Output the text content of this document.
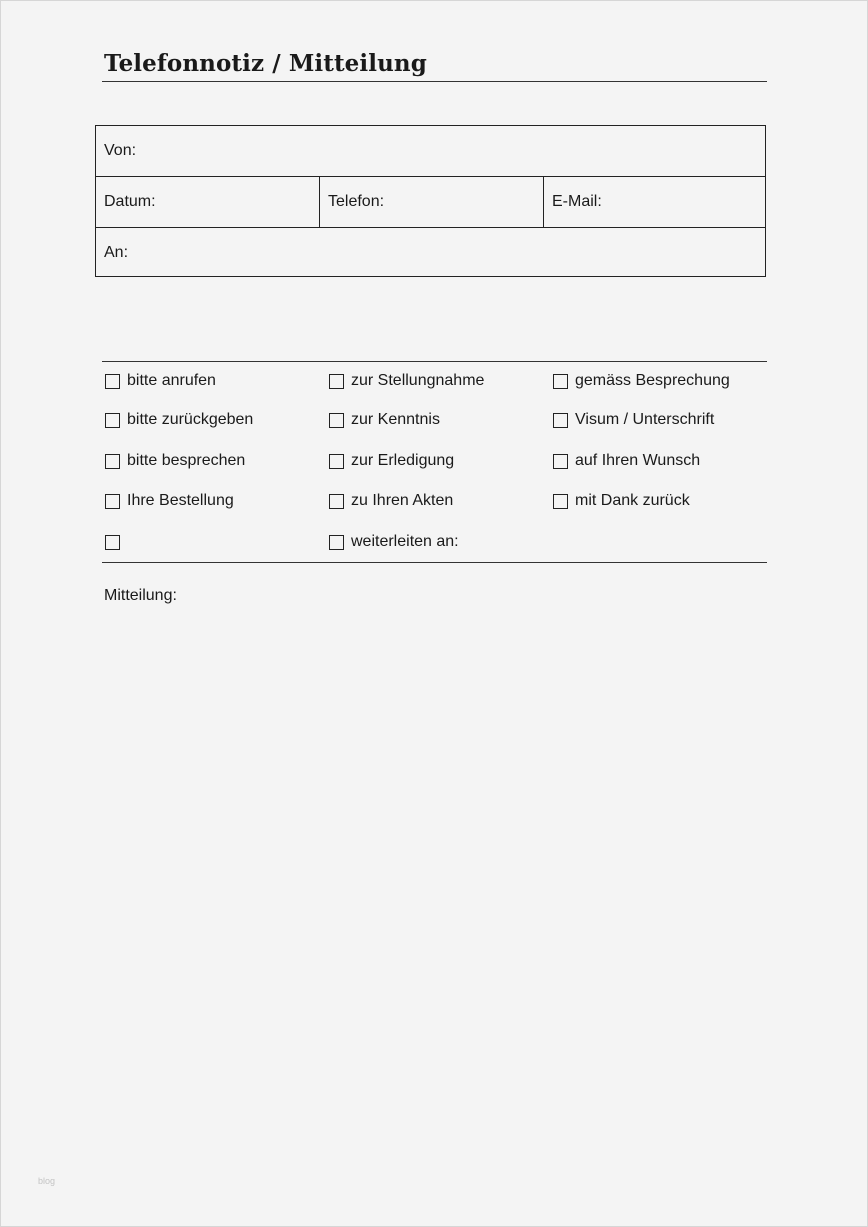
Telefonnotiz / Mitteilung
Von:
Datum:	Telefon:	E-Mail:
An:
bitte anrufen
bitte zurückgeben
bitte besprechen
Ihre Bestellung
zur Stellungnahme
zur Kenntnis
zur Erledigung
zu Ihren Akten
weiterleiten an:
gemäss Besprechung
Visum / Unterschrift
auf Ihren Wunsch
mit Dank zurück
Mitteilung:
blog
